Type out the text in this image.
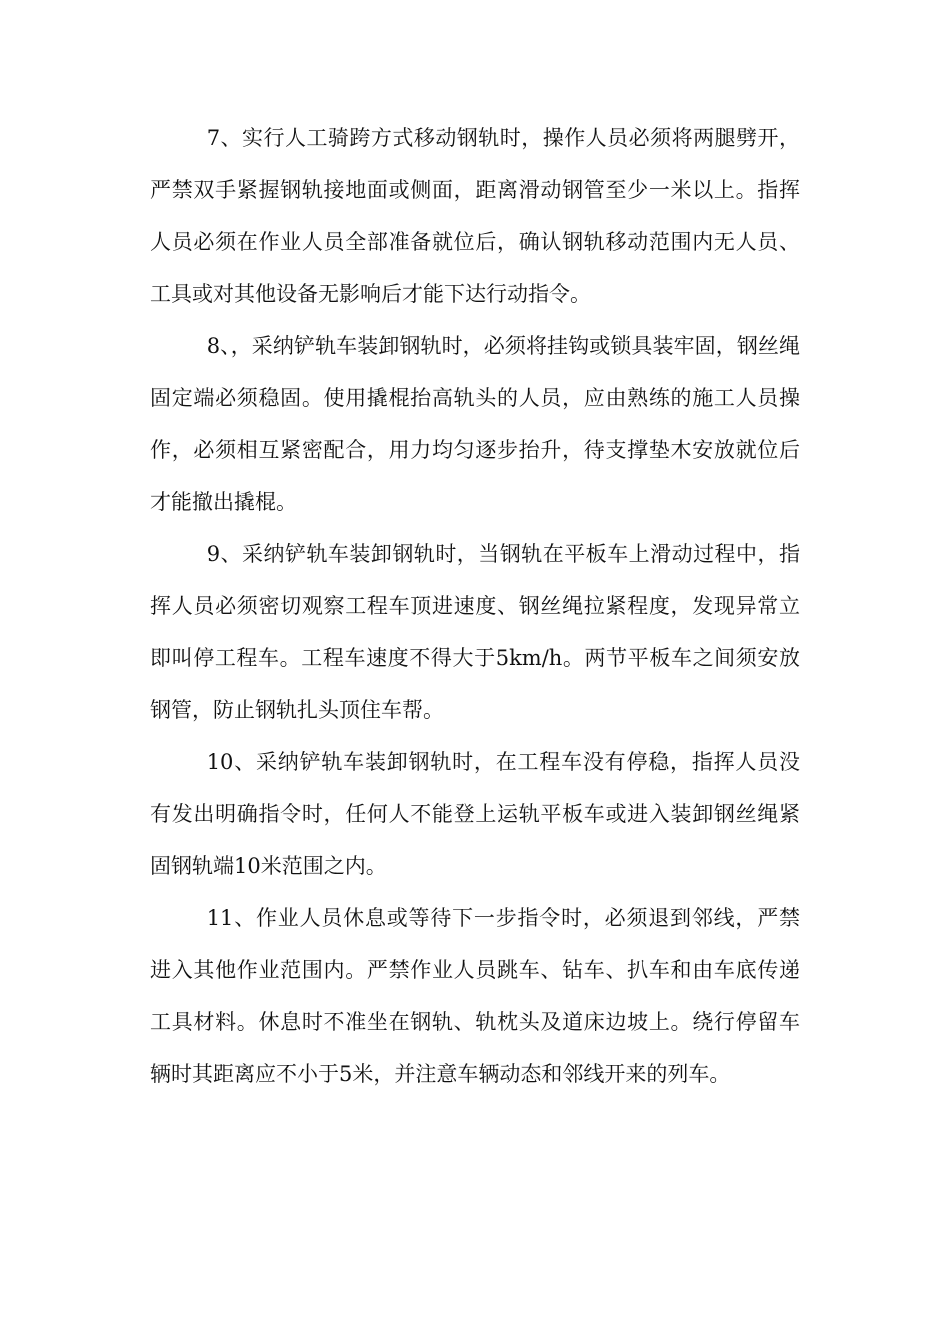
7、实行人工骑跨方式移动钢轨时，操作人员必须将两腿劈开，严禁双手紧握钢轨接地面或侧面，距离滑动钢管至少一米以上。指挥人员必须在作业人员全部准备就位后，确认钢轨移动范围内无人员、工具或对其他设备无影响后才能下达行动指令。

8、，采纳铲轨车装卸钢轨时，必须将挂钩或锁具装牢固，钢丝绳固定端必须稳固。使用撬棍抬高轨头的人员，应由熟练的施工人员操作，必须相互紧密配合，用力均匀逐步抬升，待支撑垫木安放就位后才能撤出撬棍。

9、采纳铲轨车装卸钢轨时，当钢轨在平板车上滑动过程中，指挥人员必须密切观察工程车顶进速度、钢丝绳拉紧程度，发现异常立即叫停工程车。工程车速度不得大于5km/h。两节平板车之间须安放钢管，防止钢轨扎头顶住车帮。

10、采纳铲轨车装卸钢轨时，在工程车没有停稳，指挥人员没有发出明确指令时，任何人不能登上运轨平板车或进入装卸钢丝绳紧固钢轨端10米范围之内。

11、作业人员休息或等待下一步指令时，必须退到邻线，严禁进入其他作业范围内。严禁作业人员跳车、钻车、扒车和由车底传递工具材料。休息时不准坐在钢轨、轨枕头及道床边坡上。绕行停留车辆时其距离应不小于5米，并注意车辆动态和邻线开来的列车。
